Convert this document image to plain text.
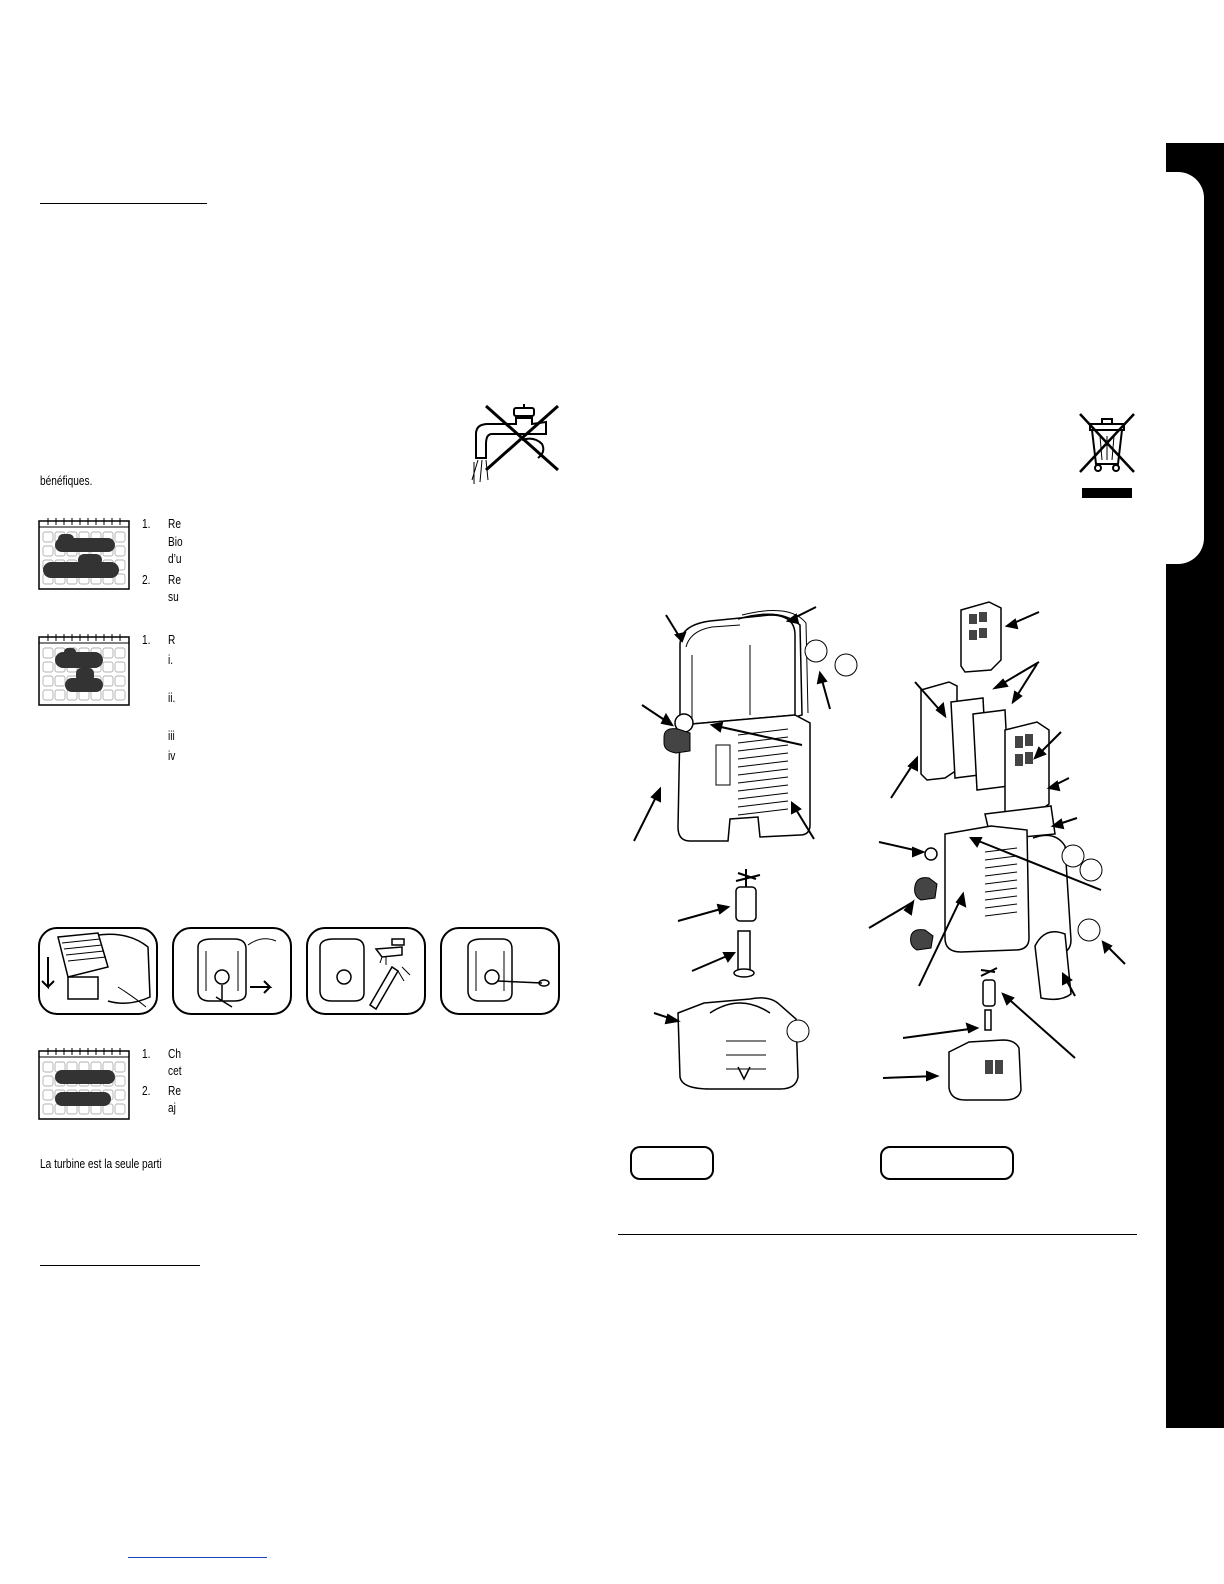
bénéfiques.
1. Re
Bio
d’u
2. Re
su
1. R
i.
ii.
iii
iv
1. Ch
cet
2. Re
aj
La turbine est la seule parti
